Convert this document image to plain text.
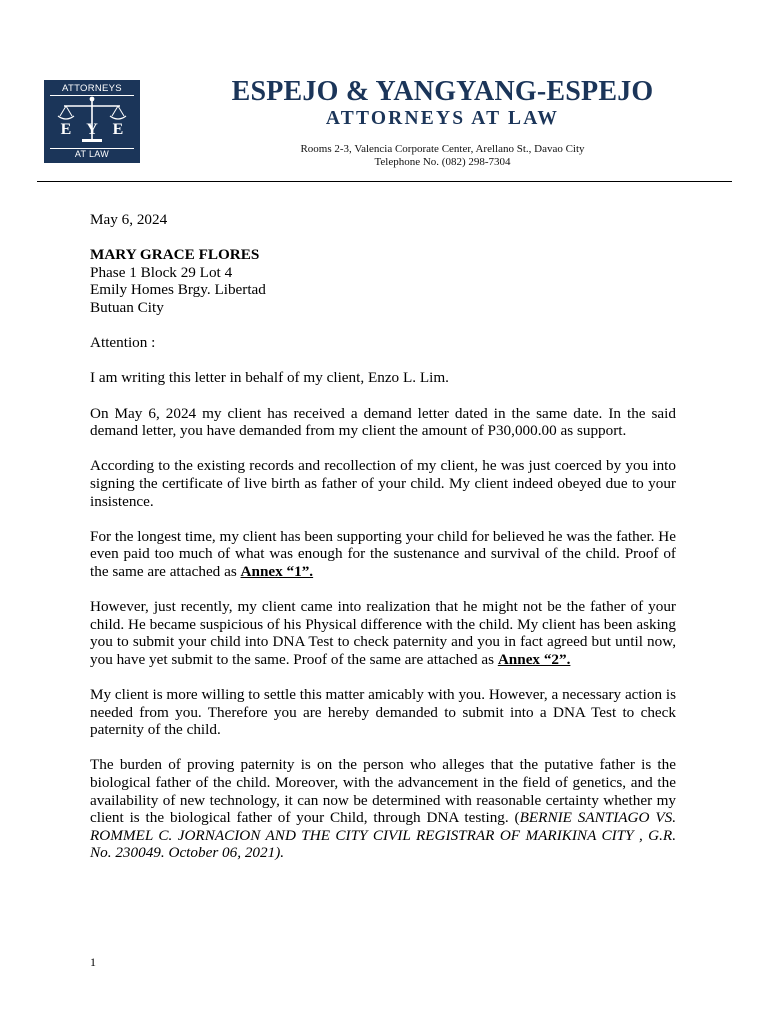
ATTORNEYS
E Y E
AT LAW
ESPEJO & YANGYANG-ESPEJO
ATTORNEYS AT LAW
Rooms 2-3, Valencia Corporate Center, Arellano St., Davao City
Telephone No. (082) 298-7304

May 6, 2024

MARY GRACE FLORES
Phase 1 Block 29 Lot 4
Emily Homes Brgy. Libertad
Butuan City

Attention :

I am writing this letter in behalf of my client, Enzo L. Lim.

On May 6, 2024 my client has received a demand letter dated in the same date. In the said demand letter, you have demanded from my client the amount of P30,000.00 as support.

According to the existing records and recollection of my client, he was just coerced by you into signing the certificate of live birth as father of your child. My client indeed obeyed due to your insistence.

For the longest time, my client has been supporting your child for believed he was the father. He even paid too much of what was enough for the sustenance and survival of the child. Proof of the same are attached as Annex “1”.

However, just recently, my client came into realization that he might not be the father of your child. He became suspicious of his Physical difference with the child. My client has been asking you to submit your child into DNA Test to check paternity and you in fact agreed but until now, you have yet submit to the same. Proof of the same are attached as Annex “2”.

My client is more willing to settle this matter amicably with you. However, a necessary action is needed from you. Therefore you are hereby demanded to submit into a DNA Test to check paternity of the child.

The burden of proving paternity is on the person who alleges that the putative father is the biological father of the child. Moreover, with the advancement in the field of genetics, and the availability of new technology, it can now be determined with reasonable certainty whether my client is the biological father of your Child, through DNA testing. (BERNIE SANTIAGO VS. ROMMEL C. JORNACION AND THE CITY CIVIL REGISTRAR OF MARIKINA CITY , G.R. No. 230049. October 06, 2021).

1
